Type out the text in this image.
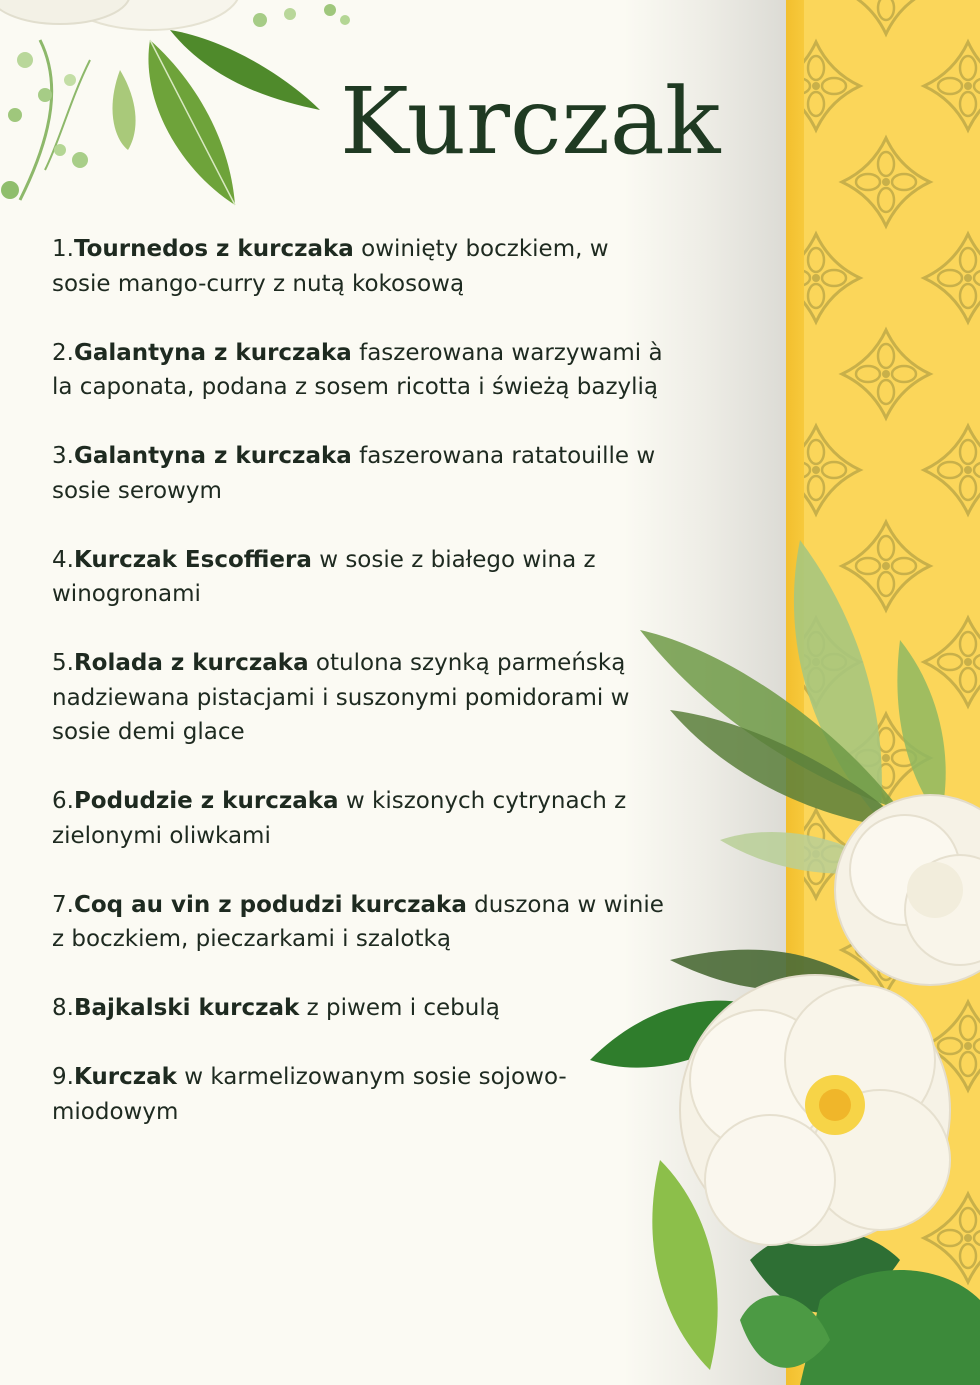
Kurczak
1.Tournedos z kurczaka owinięty boczkiem, w sosie mango-curry z nutą kokosową
2.Galantyna z kurczaka faszerowana warzywami à la caponata, podana z sosem ricotta i świeżą bazylią
3.Galantyna z kurczaka faszerowana ratatouille w sosie serowym
4.Kurczak Escoffiera w sosie z białego wina z winogronami
5.Rolada z kurczaka otulona szynką parmeńską nadziewana pistacjami i suszonymi pomidorami w sosie demi glace
6.Podudzie z kurczaka w kiszonych cytrynach z zielonymi oliwkami
7.Coq au vin z podudzi kurczaka duszona w winie z boczkiem, pieczarkami i szalotką
8.Bajkalski kurczak z piwem i cebulą
9.Kurczak w karmelizowanym sosie sojowo-miodowym
